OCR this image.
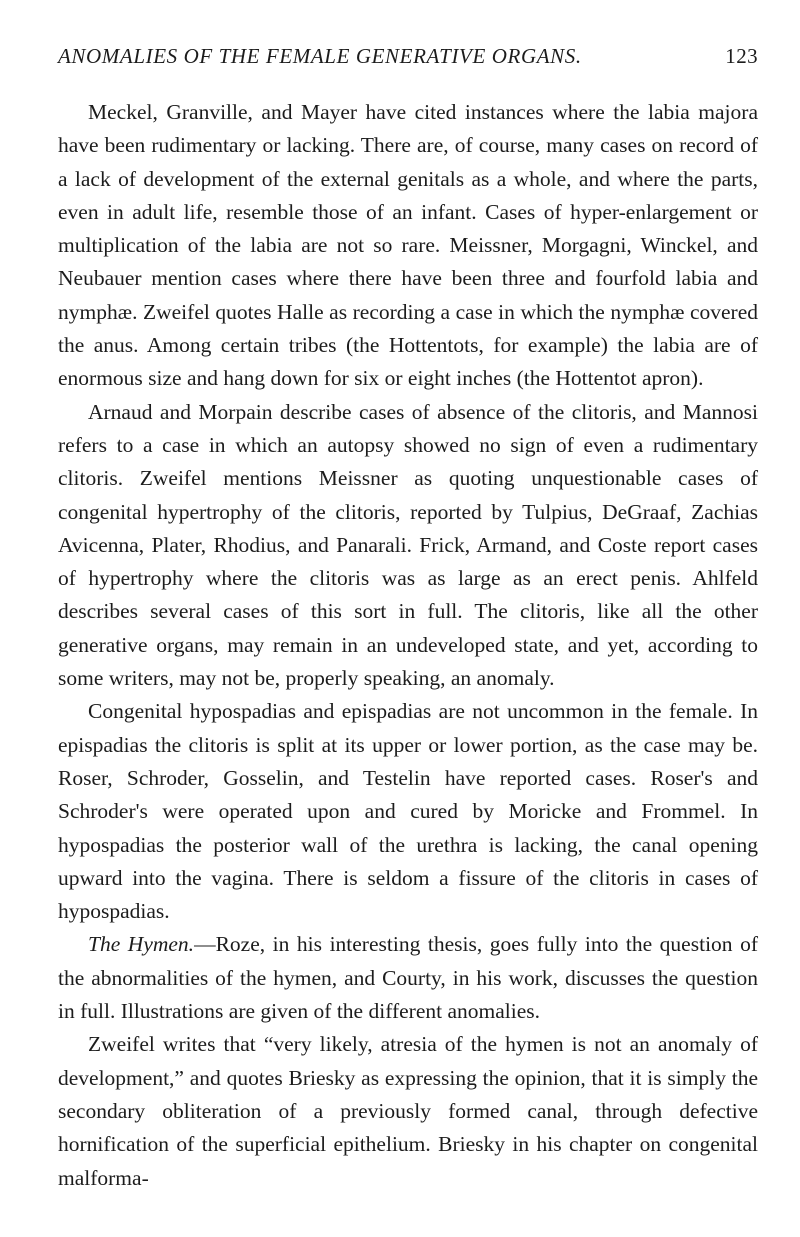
ANOMALIES OF THE FEMALE GENERATIVE ORGANS.	123

Meckel, Granville, and Mayer have cited instances where the labia majora have been rudimentary or lacking. There are, of course, many cases on record of a lack of development of the external genitals as a whole, and where the parts, even in adult life, resemble those of an infant. Cases of hyper-enlargement or multiplication of the labia are not so rare. Meissner, Morgagni, Winckel, and Neubauer mention cases where there have been three and fourfold labia and nymphæ. Zweifel quotes Halle as recording a case in which the nymphæ covered the anus. Among certain tribes (the Hottentots, for example) the labia are of enormous size and hang down for six or eight inches (the Hottentot apron).

Arnaud and Morpain describe cases of absence of the clitoris, and Mannosi refers to a case in which an autopsy showed no sign of even a rudimentary clitoris. Zweifel mentions Meissner as quoting unquestionable cases of congenital hypertrophy of the clitoris, reported by Tulpius, DeGraaf, Zachias Avicenna, Plater, Rhodius, and Panarali. Frick, Armand, and Coste report cases of hypertrophy where the clitoris was as large as an erect penis. Ahlfeld describes several cases of this sort in full. The clitoris, like all the other generative organs, may remain in an undeveloped state, and yet, according to some writers, may not be, properly speaking, an anomaly.

Congenital hypospadias and epispadias are not uncommon in the female. In epispadias the clitoris is split at its upper or lower portion, as the case may be. Roser, Schroder, Gosselin, and Testelin have reported cases. Roser's and Schroder's were operated upon and cured by Moricke and Frommel. In hypospadias the posterior wall of the urethra is lacking, the canal opening upward into the vagina. There is seldom a fissure of the clitoris in cases of hypospadias.

The Hymen.—Roze, in his interesting thesis, goes fully into the question of the abnormalities of the hymen, and Courty, in his work, discusses the question in full. Illustrations are given of the different anomalies.

Zweifel writes that “very likely, atresia of the hymen is not an anomaly of development,” and quotes Briesky as expressing the opinion, that it is simply the secondary obliteration of a previously formed canal, through defective hornification of the superficial epithelium. Briesky in his chapter on congenital malforma-
